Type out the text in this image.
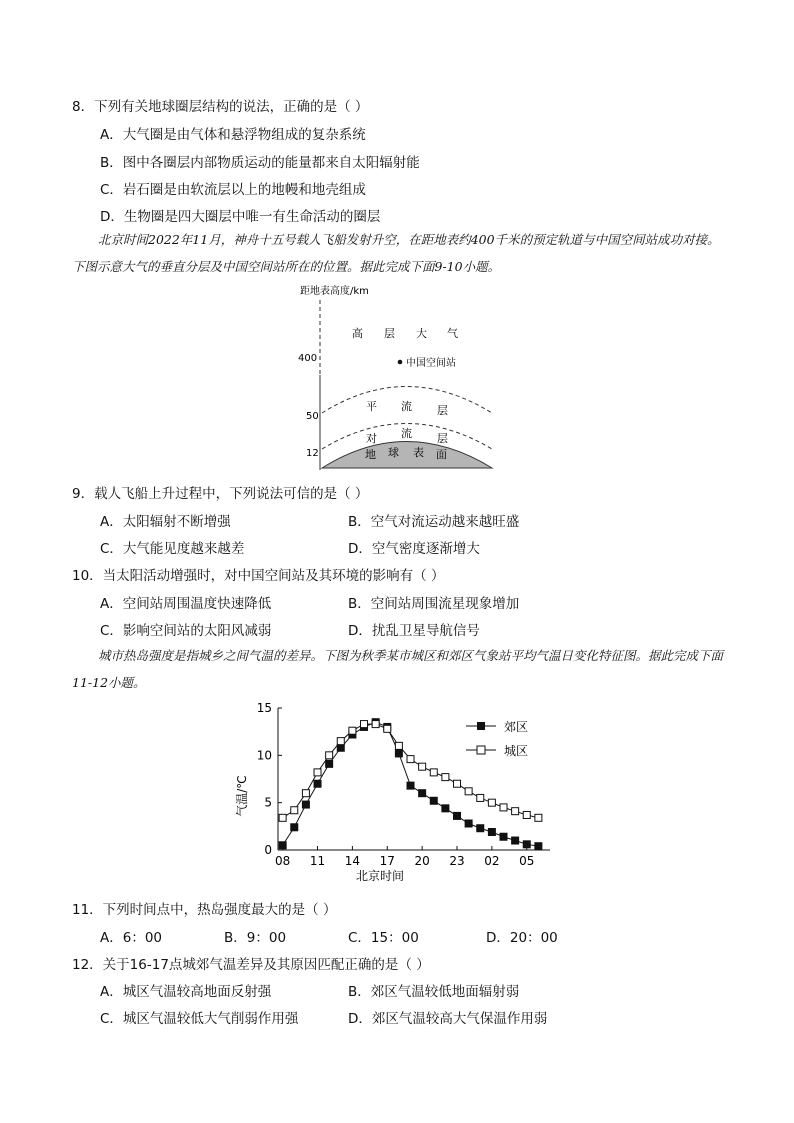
8．下列有关地球圈层结构的说法，正确的是（ ）
A．大气圈是由气体和悬浮物组成的复杂系统
B．图中各圈层内部物质运动的能量都来自太阳辐射能
C．岩石圈是由软流层以上的地幔和地壳组成
D．生物圈是四大圈层中唯一有生命活动的圈层
北京时间2022年11月，神舟十五号载人飞船发射升空，在距地表约400千米的预定轨道与中国空间站成功对接。下图示意大气的垂直分层及中国空间站所在的位置。据此完成下面9-10小题。
距地表高度/km
400
50
12
高 层 大 气
中国空间站
平 流 层
对 流 层
地 球 表 面
9．载人飞船上升过程中，下列说法可信的是（ ）
A．太阳辐射不断增强	B．空气对流运动越来越旺盛
C．大气能见度越来越差	D．空气密度逐渐增大
10．当太阳活动增强时，对中国空间站及其环境的影响有（ ）
A．空间站周围温度快速降低	B．空间站周围流星现象增加
C．影响空间站的太阳风减弱	D．扰乱卫星导航信号
城市热岛强度是指城乡之间气温的差异。下图为秋季某市城区和郊区气象站平均气温日变化特征图。据此完成下面11-12小题。
15
10
5
0
08 11 14 17 20 23 02 05
气温/℃
北京时间
郊区
城区
11．下列时间点中，热岛强度最大的是（ ）
A．6：00	B．9：00	C．15：00	D．20：00
12．关于16-17点城郊气温差异及其原因匹配正确的是（ ）
A．城区气温较高地面反射强	B．郊区气温较低地面辐射弱
C．城区气温较低大气削弱作用强	D．郊区气温较高大气保温作用弱
